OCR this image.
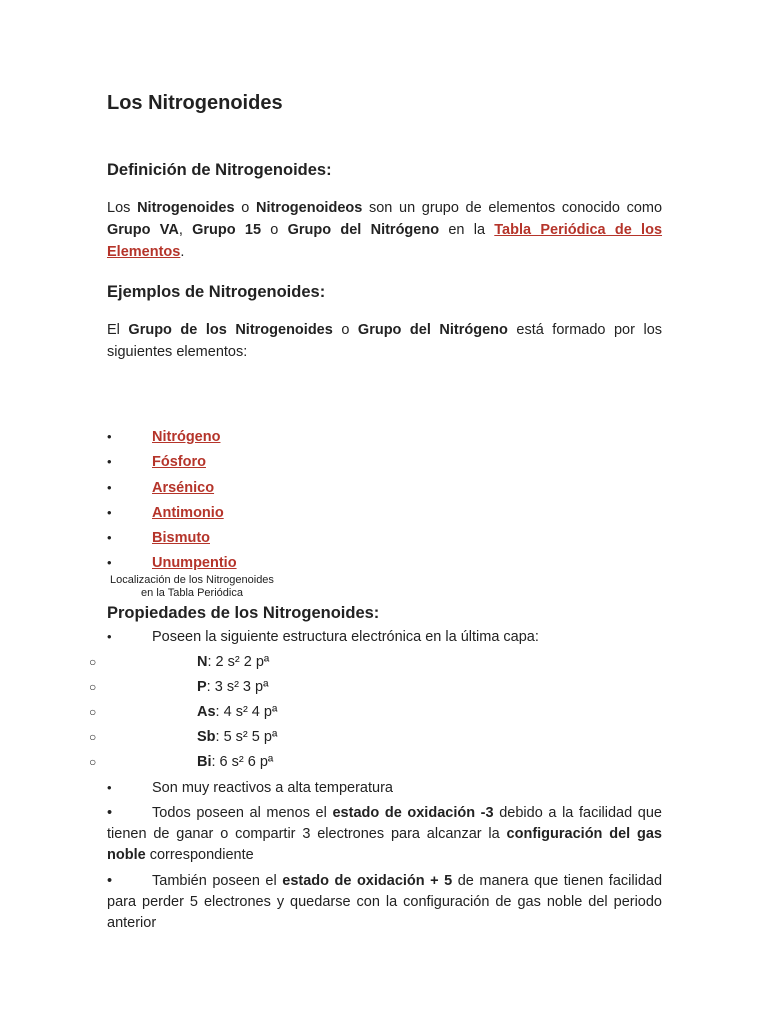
Los Nitrogenoides
Definición de Nitrogenoides:

Los Nitrogenoides o Nitrogenoideos son un grupo de elementos conocido como Grupo VA, Grupo 15 o Grupo del Nitrógeno en la Tabla Periódica de los Elementos.

Ejemplos de Nitrogenoides:

El Grupo de los Nitrogenoides o Grupo del Nitrógeno está formado por los siguientes elementos:

• Nitrógeno
• Fósforo
• Arsénico
• Antimonio
• Bismuto
• Unumpentio
Localización de los Nitrogenoides
en la Tabla Periódica
Propiedades de los Nitrogenoides:
•	Poseen la siguiente estructura electrónica en la última capa:
○	N: 2 s² 2 pª
○	P: 3 s² 3 pª
○	As: 4 s² 4 pª
○	Sb: 5 s² 5 pª
○	Bi: 6 s² 6 pª
•	Son muy reactivos a alta temperatura
•	Todos poseen al menos el estado de oxidación -3 debido a la facilidad que tienen de ganar o compartir 3 electrones para alcanzar la configuración del gas noble correspondiente
•	También poseen el estado de oxidación + 5 de manera que tienen facilidad para perder 5 electrones y quedarse con la configuración de gas noble del periodo anterior
